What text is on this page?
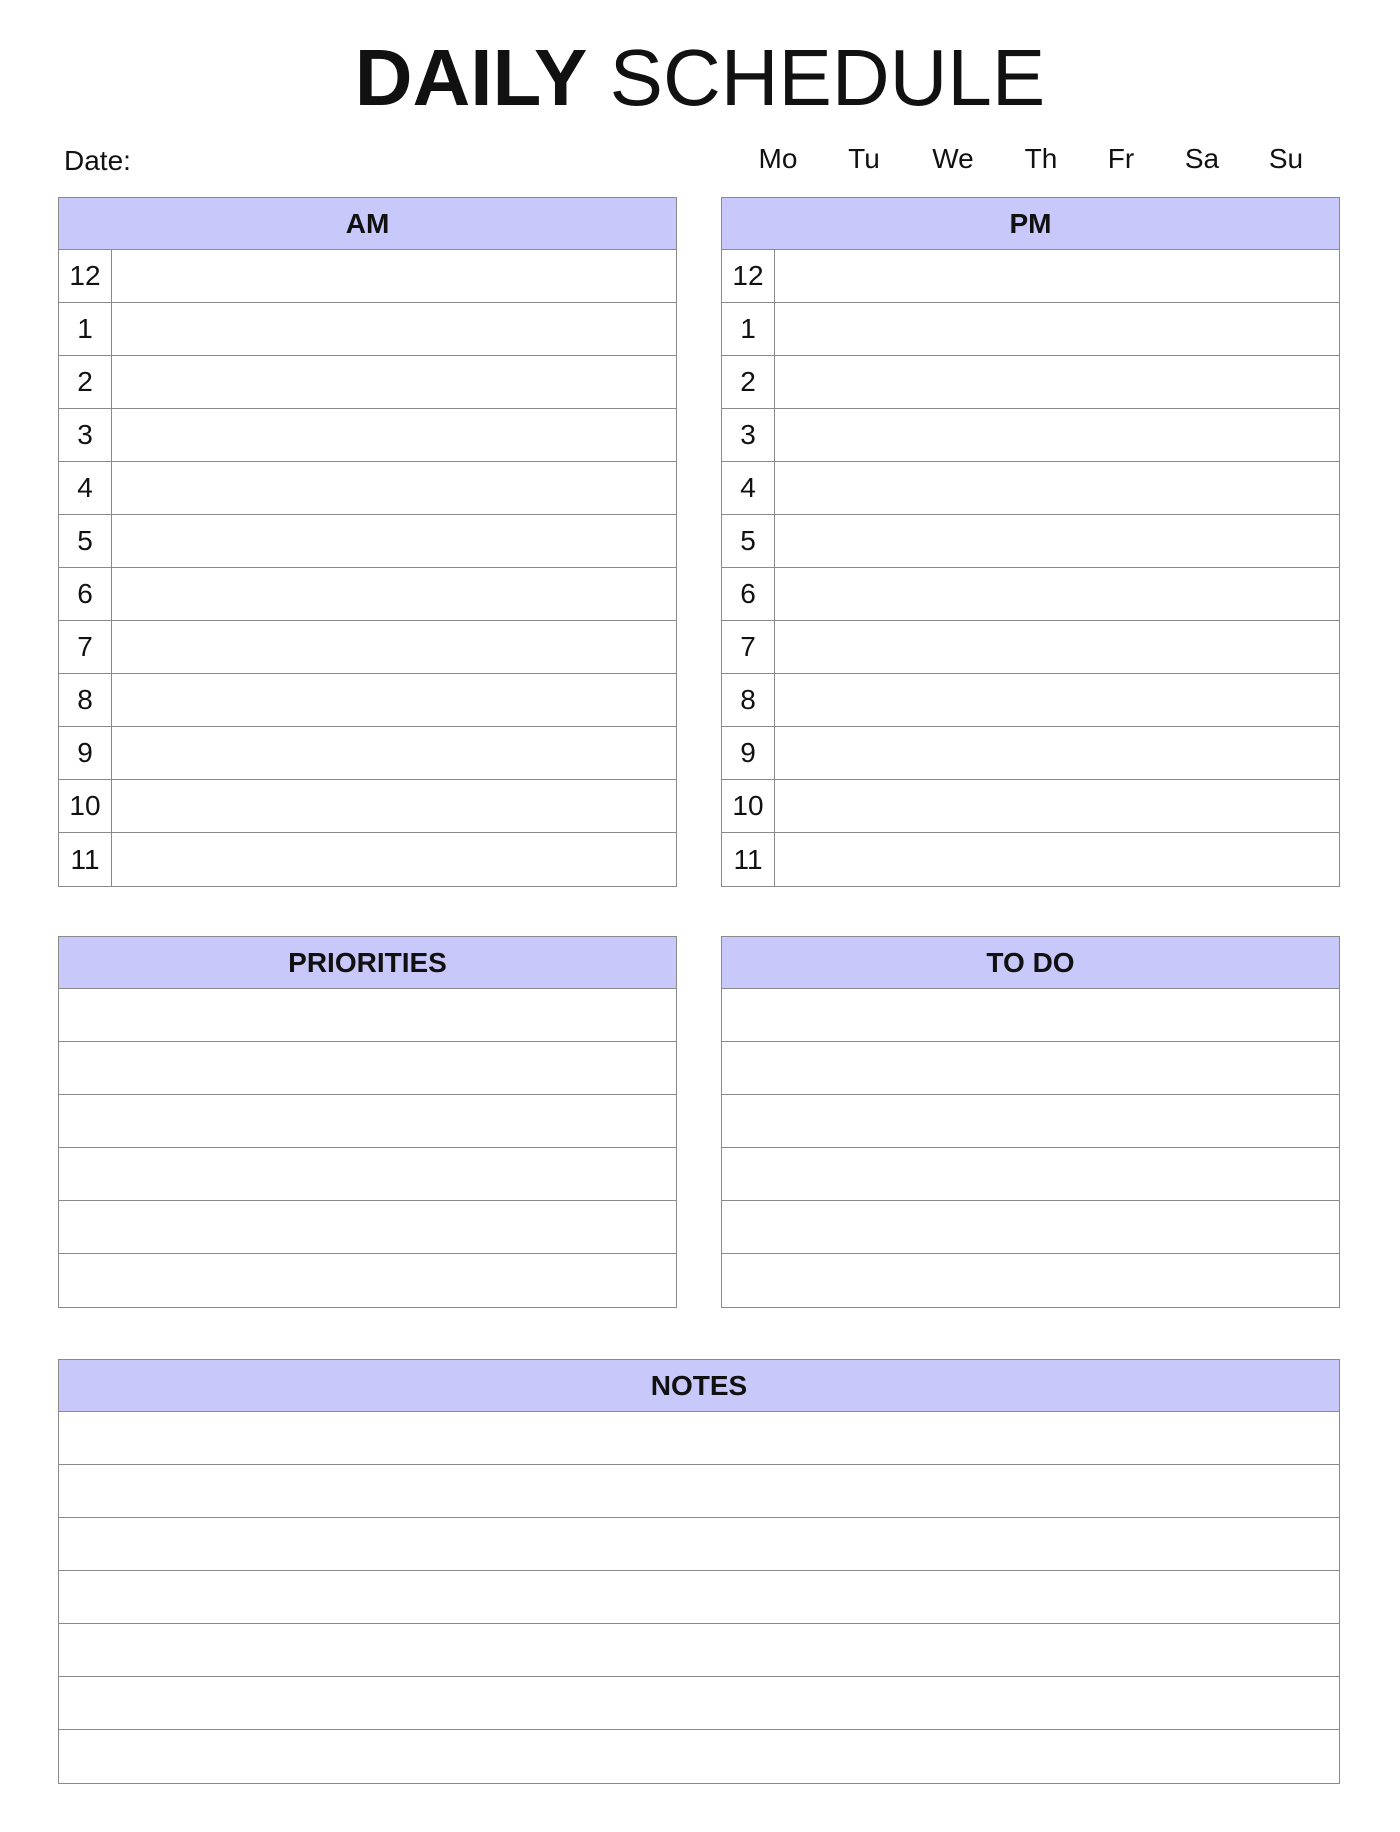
DAILY SCHEDULE
Date:	Mo Tu We Th Fr Sa Su
AM
12
1
2
3
4
5
6
7
8
9
10
11
PM
12
1
2
3
4
5
6
7
8
9
10
11
PRIORITIES	TO DO
NOTES
